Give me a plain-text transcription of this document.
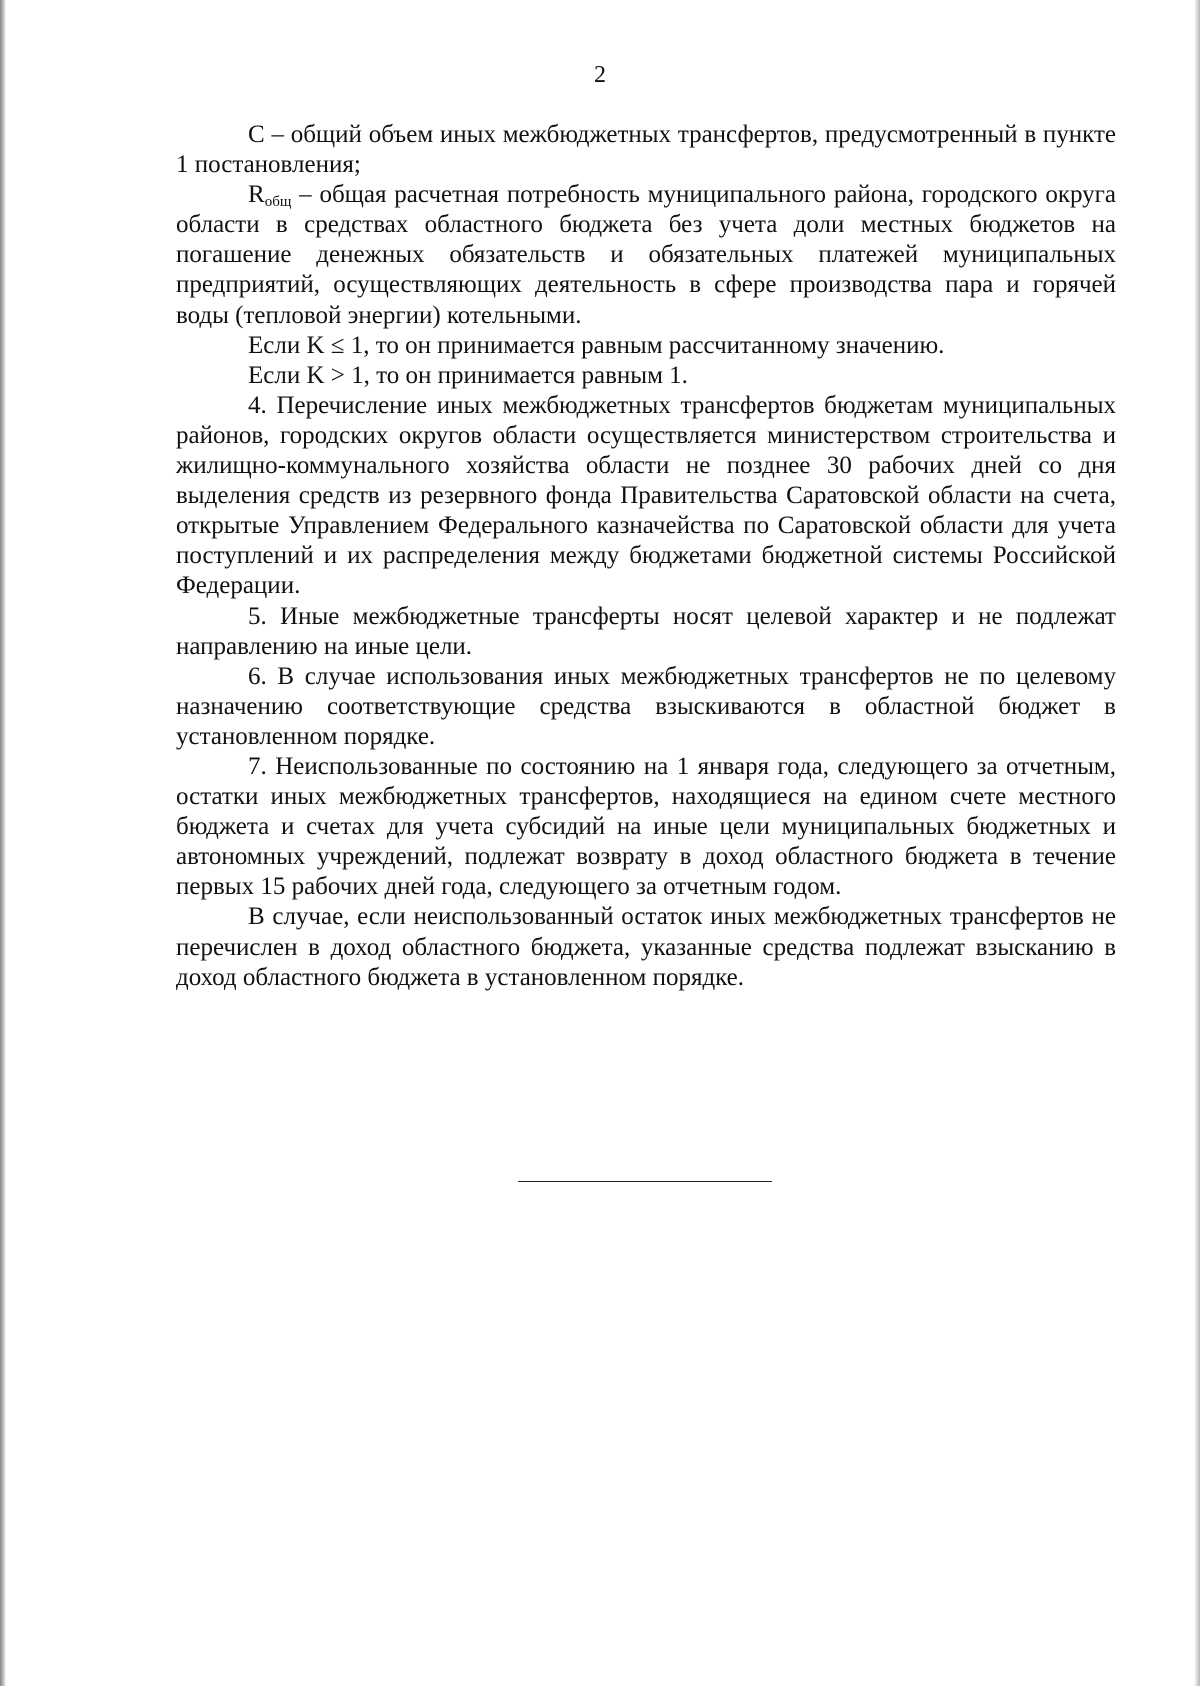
2

C – общий объем иных межбюджетных трансфертов, предусмотренный в пункте 1 постановления;

$R_{общ}$ – общая расчетная потребность муниципального района, городского округа области в средствах областного бюджета без учета доли местных бюджетов на погашение денежных обязательств и обязательных платежей муниципальных предприятий, осуществляющих деятельность в сфере производства пара и горячей воды (тепловой энергии) котельными.

Если K ≤ 1, то он принимается равным рассчитанному значению.

Если K > 1, то он принимается равным 1.

4. Перечисление иных межбюджетных трансфертов бюджетам муниципальных районов, городских округов области осуществляется министерством строительства и жилищно-коммунального хозяйства области не позднее 30 рабочих дней со дня выделения средств из резервного фонда Правительства Саратовской области на счета, открытые Управлением Федерального казначейства по Саратовской области для учета поступлений и их распределения между бюджетами бюджетной системы Российской Федерации.

5. Иные межбюджетные трансферты носят целевой характер и не подлежат направлению на иные цели.

6. В случае использования иных межбюджетных трансфертов не по целевому назначению соответствующие средства взыскиваются в областной бюджет в установленном порядке.

7. Неиспользованные по состоянию на 1 января года, следующего за отчетным, остатки иных межбюджетных трансфертов, находящиеся на едином счете местного бюджета и счетах для учета субсидий на иные цели муниципальных бюджетных и автономных учреждений, подлежат возврату в доход областного бюджета в течение первых 15 рабочих дней года, следующего за отчетным годом.

В случае, если неиспользованный остаток иных межбюджетных трансфертов не перечислен в доход областного бюджета, указанные средства подлежат взысканию в доход областного бюджета в установленном порядке.
